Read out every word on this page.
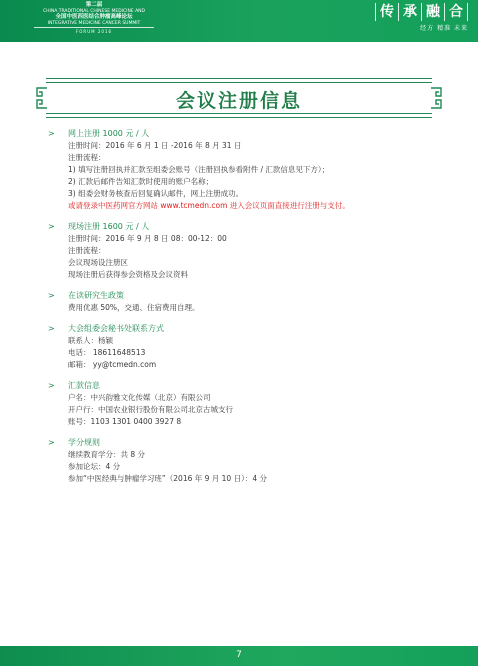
第二届
CHINA TRADITIONAL CHINESE MEDICINE AND
全国中医西医结合肿瘤高峰论坛
INTEGRATIVE MEDICINE CANCER SUMMIT
FORUM 2016
传 承 融 合
经方 精准 未来
会议注册信息
>	网上注册 1000 元 / 人
注册时间：2016 年 6 月 1 日 -2016 年 8 月 31 日
注册流程：
1) 填写注册回执并汇款至组委会账号（注册回执参看附件 / 汇款信息见下方）；
2) 汇款后邮件告知汇款时使用的账户名称；
3) 组委会财务核查后回复确认邮件，网上注册成功。
或请登录中医药网官方网站 www.tcmedn.com 进入会议页面直接进行注册与支付。
>	现场注册 1600 元 / 人
注册时间：2016 年 9 月 8 日 08：00-12：00
注册流程：
会议现场设注册区
现场注册后获得参会资格及会议资料
>	在读研究生政策
费用优惠 50%，交通、住宿费用自理。
>	大会组委会秘书处联系方式
联系人：杨颖
电话： 18611648513
邮箱： yy@tcmedn.com
>	汇款信息
户名：中兴韵雅文化传媒（北京）有限公司
开户行：中国农业银行股份有限公司北京古城支行
账号：1103 1301 0400 3927 8
>	学分规则
继续教育学分：共 8 分
参加论坛：4 分
参加“中医经典与肿瘤学习班”（2016 年 9 月 10 日）：4 分
7
